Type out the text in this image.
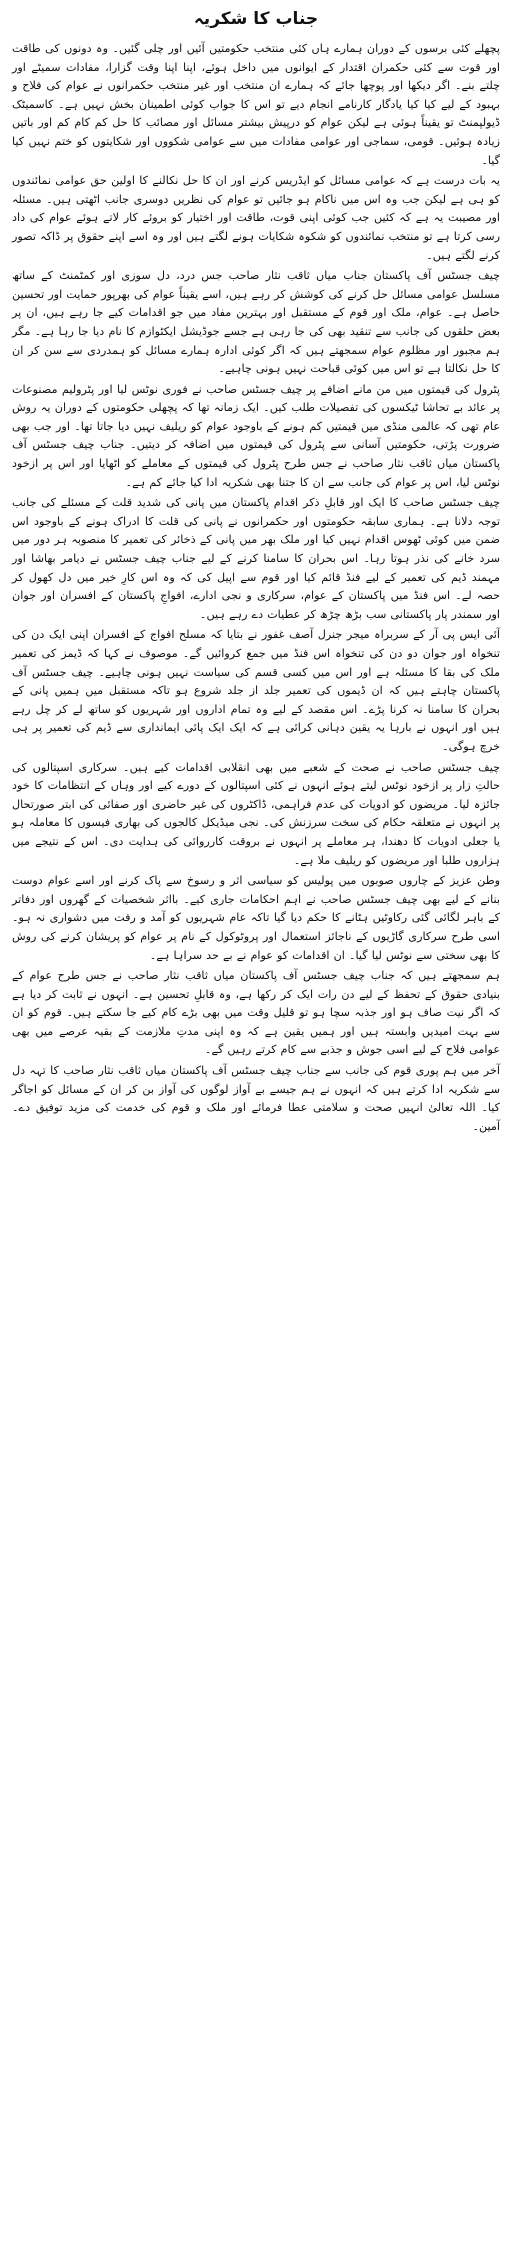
جناب کا شکریہ

پچھلے کئی برسوں کے دوران ہمارے ہاں کئی منتخب حکومتیں آئیں اور چلی گئیں۔ وہ دونوں کی طاقت اور قوت سے کئی حکمران اقتدار کے ایوانوں میں داخل ہوئے، اپنا اپنا وقت گزارا، مفادات سمیٹے اور چلتے بنے۔ اگر دیکھا اور پوچھا جائے کہ ہمارے ان منتخب اور غیر منتخب حکمرانوں نے عوام کی فلاح و بہبود کے لیے کیا کیا یادگار کارنامے انجام دیے تو اس کا جواب کوئی اطمینان بخش نہیں ہے۔ کاسمیٹک ڈیولپمنٹ تو یقیناً ہوئی ہے لیکن عوام کو درپیش بیشتر مسائل اور مصائب کا حل کم کام کم اور باتیں زیادہ ہوئیں۔ قومی، سماجی اور عوامی مفادات میں سے عوامی شکووں اور شکایتوں کو ختم نہیں کیا گیا۔

یہ بات درست ہے کہ عوامی مسائل کو ایڈریس کرنے اور ان کا حل نکالنے کا اولین حق عوامی نمائندوں کو ہی ہے لیکن جب وہ اس میں ناکام ہو جائیں تو عوام کی نظریں دوسری جانب اٹھتی ہیں۔ مسئلہ اور مصیبت یہ ہے کہ کئیں جب کوئی اپنی قوت، طاقت اور اختیار کو بروئے کار لاتے ہوئے عوام کی داد رسی کرتا ہے تو منتخب نمائندوں کو شکوہ شکایات ہونے لگتے ہیں اور وہ اسے اپنے حقوق پر ڈاکہ تصور کرنے لگتے ہیں۔

چیف جسٹس آف پاکستان جناب میاں ثاقب نثار صاحب جس درد، دل سوزی اور کمٹمنٹ کے ساتھ مسلسل عوامی مسائل حل کرنے کی کوشش کر رہے ہیں، اسے یقیناً عوام کی بھرپور حمایت اور تحسین حاصل ہے۔ عوام، ملک اور قوم کے مستقبل اور بہترین مفاد میں جو اقدامات کیے جا رہے ہیں، ان پر بعض حلقوں کی جانب سے تنقید بھی کی جا رہی ہے جسے جوڈیشل ایکٹوازم کا نام دیا جا رہا ہے۔ مگر ہم مجبور اور مظلوم عوام سمجھتے ہیں کہ اگر کوئی ادارہ ہمارے مسائل کو ہمدردی سے سن کر ان کا حل نکالتا ہے تو اس میں کوئی قباحت نہیں ہونی چاہیے۔

پٹرول کی قیمتوں میں من مانے اضافے پر چیف جسٹس صاحب نے فوری نوٹس لیا اور پٹرولیم مصنوعات پر عائد بے تحاشا ٹیکسوں کی تفصیلات طلب کیں۔ ایک زمانہ تھا کہ پچھلی حکومتوں کے دوران یہ روش عام تھی کہ عالمی منڈی میں قیمتیں کم ہونے کے باوجود عوام کو ریلیف نہیں دیا جاتا تھا۔ اور جب بھی ضرورت پڑتی، حکومتیں آسانی سے پٹرول کی قیمتوں میں اضافہ کر دیتیں۔ جناب چیف جسٹس آف پاکستان میاں ثاقب نثار صاحب نے جس طرح پٹرول کی قیمتوں کے معاملے کو اٹھایا اور اس پر ازخود نوٹس لیا، اس پر عوام کی جانب سے ان کا جتنا بھی شکریہ ادا کیا جائے کم ہے۔

چیف جسٹس صاحب کا ایک اور قابلِ ذکر اقدام پاکستان میں پانی کی شدید قلت کے مسئلے کی جانب توجہ دلانا ہے۔ ہماری سابقہ حکومتوں اور حکمرانوں نے پانی کی قلت کا ادراک ہونے کے باوجود اس ضمن میں کوئی ٹھوس اقدام نہیں کیا اور ملک بھر میں پانی کے ذخائر کی تعمیر کا منصوبہ ہر دور میں سرد خانے کی نذر ہوتا رہا۔ اس بحران کا سامنا کرنے کے لیے جناب چیف جسٹس نے دیامر بھاشا اور مہمند ڈیم کی تعمیر کے لیے فنڈ قائم کیا اور قوم سے اپیل کی کہ وہ اس کارِ خیر میں دل کھول کر حصہ لے۔ اس فنڈ میں پاکستان کے عوام، سرکاری و نجی ادارے، افواجِ پاکستان کے افسران اور جوان اور سمندر پار پاکستانی سب بڑھ چڑھ کر عطیات دے رہے ہیں۔

آئی ایس پی آر کے سربراہ میجر جنرل آصف غفور نے بتایا کہ مسلح افواج کے افسران اپنی ایک دن کی تنخواہ اور جوان دو دن کی تنخواہ اس فنڈ میں جمع کروائیں گے۔ موصوف نے کہا کہ ڈیمز کی تعمیر ملک کی بقا کا مسئلہ ہے اور اس میں کسی قسم کی سیاست نہیں ہونی چاہیے۔ چیف جسٹس آف پاکستان چاہتے ہیں کہ ان ڈیموں کی تعمیر جلد از جلد شروع ہو تاکہ مستقبل میں ہمیں پانی کے بحران کا سامنا نہ کرنا پڑے۔ اس مقصد کے لیے وہ تمام اداروں اور شہریوں کو ساتھ لے کر چل رہے ہیں اور انہوں نے بارہا یہ یقین دہانی کرائی ہے کہ ایک ایک پائی ایمانداری سے ڈیم کی تعمیر پر ہی خرچ ہوگی۔

چیف جسٹس صاحب نے صحت کے شعبے میں بھی انقلابی اقدامات کیے ہیں۔ سرکاری اسپتالوں کی حالتِ زار پر ازخود نوٹس لیتے ہوئے انہوں نے کئی اسپتالوں کے دورے کیے اور وہاں کے انتظامات کا خود جائزہ لیا۔ مریضوں کو ادویات کی عدم فراہمی، ڈاکٹروں کی غیر حاضری اور صفائی کی ابتر صورتحال پر انہوں نے متعلقہ حکام کی سخت سرزنش کی۔ نجی میڈیکل کالجوں کی بھاری فیسوں کا معاملہ ہو یا جعلی ادویات کا دھندا، ہر معاملے پر انہوں نے بروقت کارروائی کی ہدایت دی۔ اس کے نتیجے میں ہزاروں طلبا اور مریضوں کو ریلیف ملا ہے۔

وطن عزیز کے چاروں صوبوں میں پولیس کو سیاسی اثر و رسوخ سے پاک کرنے اور اسے عوام دوست بنانے کے لیے بھی چیف جسٹس صاحب نے اہم احکامات جاری کیے۔ بااثر شخصیات کے گھروں اور دفاتر کے باہر لگائی گئی رکاوٹیں ہٹانے کا حکم دیا گیا تاکہ عام شہریوں کو آمد و رفت میں دشواری نہ ہو۔ اسی طرح سرکاری گاڑیوں کے ناجائز استعمال اور پروٹوکول کے نام پر عوام کو پریشان کرنے کی روش کا بھی سختی سے نوٹس لیا گیا۔ ان اقدامات کو عوام نے بے حد سراہا ہے۔

ہم سمجھتے ہیں کہ جناب چیف جسٹس آف پاکستان میاں ثاقب نثار صاحب نے جس طرح عوام کے بنیادی حقوق کے تحفظ کے لیے دن رات ایک کر رکھا ہے، وہ قابلِ تحسین ہے۔ انہوں نے ثابت کر دیا ہے کہ اگر نیت صاف ہو اور جذبہ سچا ہو تو قلیل وقت میں بھی بڑے کام کیے جا سکتے ہیں۔ قوم کو ان سے بہت امیدیں وابستہ ہیں اور ہمیں یقین ہے کہ وہ اپنی مدتِ ملازمت کے بقیہ عرصے میں بھی عوامی فلاح کے لیے اسی جوش و جذبے سے کام کرتے رہیں گے۔

آخر میں ہم پوری قوم کی جانب سے جناب چیف جسٹس آف پاکستان میاں ثاقب نثار صاحب کا تہہ دل سے شکریہ ادا کرتے ہیں کہ انہوں نے ہم جیسے بے آواز لوگوں کی آواز بن کر ان کے مسائل کو اجاگر کیا۔ اللہ تعالیٰ انہیں صحت و سلامتی عطا فرمائے اور ملک و قوم کی خدمت کی مزید توفیق دے۔ آمین۔
